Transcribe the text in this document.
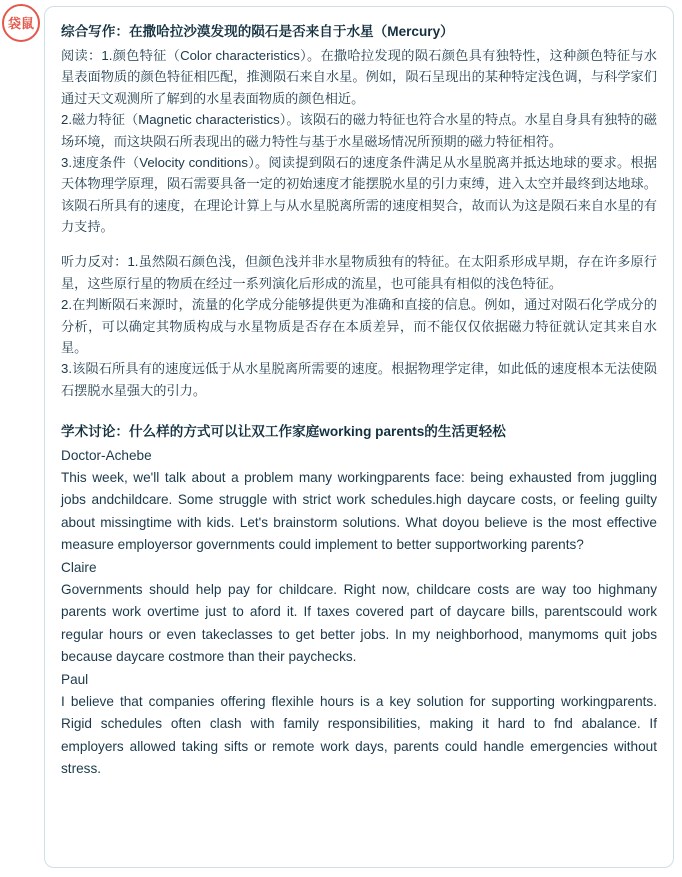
袋鼠

综合写作：在撒哈拉沙漠发现的陨石是否来自于水星（Mercury）

阅读：1.颜色特征（Color characteristics）。在撒哈拉发现的陨石颜色具有独特性，这种颜色特征与水星表面物质的颜色特征相匹配，推测陨石来自水星。例如，陨石呈现出的某种特定浅色调，与科学家们通过天文观测所了解到的水星表面物质的颜色相近。

2.磁力特征（Magnetic characteristics）。该陨石的磁力特征也符合水星的特点。水星自身具有独特的磁场环境，而这块陨石所表现出的磁力特性与基于水星磁场情况所预期的磁力特征相符。

3.速度条件（Velocity conditions）。阅读提到陨石的速度条件满足从水星脱离并抵达地球的要求。根据天体物理学原理，陨石需要具备一定的初始速度才能摆脱水星的引力束缚，进入太空并最终到达地球。该陨石所具有的速度，在理论计算上与从水星脱离所需的速度相契合，故而认为这是陨石来自水星的有力支持。

听力反对：1.虽然陨石颜色浅，但颜色浅并非水星物质独有的特征。在太阳系形成早期，存在许多原行星，这些原行星的物质在经过一系列演化后形成的流星，也可能具有相似的浅色特征。

2.在判断陨石来源时，流量的化学成分能够提供更为准确和直接的信息。例如，通过对陨石化学成分的分析，可以确定其物质构成与水星物质是否存在本质差异，而不能仅仅依据磁力特征就认定其来自水星。

3.该陨石所具有的速度远低于从水星脱离所需要的速度。根据物理学定律，如此低的速度根本无法使陨石摆脱水星强大的引力。

学术讨论：什么样的方式可以让双工作家庭working parents的生活更轻松

Doctor-Achebe

This week, we'll talk about a problem many workingparents face: being exhausted from juggling jobs andchildcare. Some struggle with strict work schedules.high daycare costs, or feeling guilty about missingtime with kids. Let's brainstorm solutions. What doyou believe is the most effective measure employersor governments could implement to better supportworking parents?

Claire

Governments should help pay for childcare. Right now, childcare costs are way too highmany parents work overtime just to aford it. If taxes covered part of daycare bills, parentscould work regular hours or even takeclasses to get better jobs. In my neighborhood, manymoms quit jobs because daycare costmore than their paychecks.

Paul

I believe that companies offering flexihle hours is a key solution for supporting workingparents. Rigid schedules often clash with family responsibilities, making it hard to fnd abalance. If employers allowed taking sifts or remote work days, parents could handle emergencies without stress.
